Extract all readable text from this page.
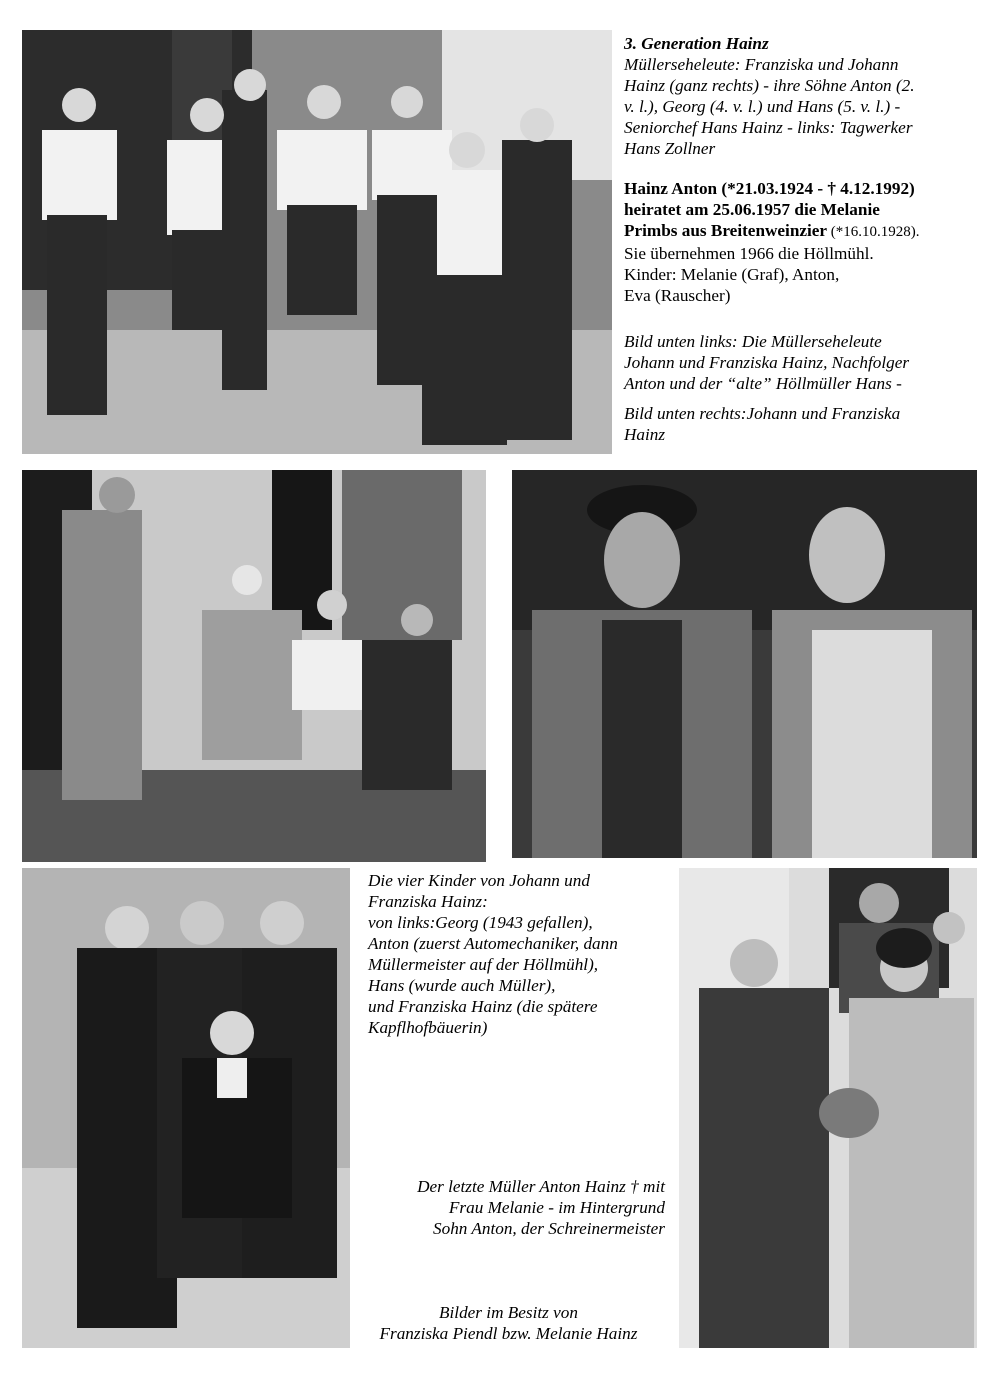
3. Generation Hainz
Müllerseheleute: Franziska und Johann
Hainz (ganz rechts) - ihre Söhne Anton (2.
v. l.), Georg (4. v. l.) und Hans (5. v. l.) -
Seniorchef Hans Hainz - links: Tagwerker
Hans Zollner
Hainz Anton (*21.03.1924 - † 4.12.1992)
heiratet am 25.06.1957 die Melanie
Primbs aus Breitenweinzier (*16.10.1928).
Sie übernehmen 1966 die Höllmühl.
Kinder: Melanie (Graf), Anton,
Eva (Rauscher)
Bild unten links: Die Müllerseheleute
Johann und Franziska Hainz, Nachfolger
Anton und der “alte” Höllmüller Hans -
Bild unten rechts:Johann und Franziska
Hainz
Die vier Kinder von Johann und
Franziska Hainz:
von links:Georg (1943 gefallen),
Anton (zuerst Automechaniker, dann
Müllermeister auf der Höllmühl),
Hans (wurde auch Müller),
und Franziska Hainz (die spätere
Kapflhofbäuerin)
Der letzte Müller Anton Hainz † mit
Frau Melanie - im Hintergrund
Sohn Anton, der Schreinermeister
Bilder im Besitz von
Franziska Piendl bzw. Melanie Hainz
